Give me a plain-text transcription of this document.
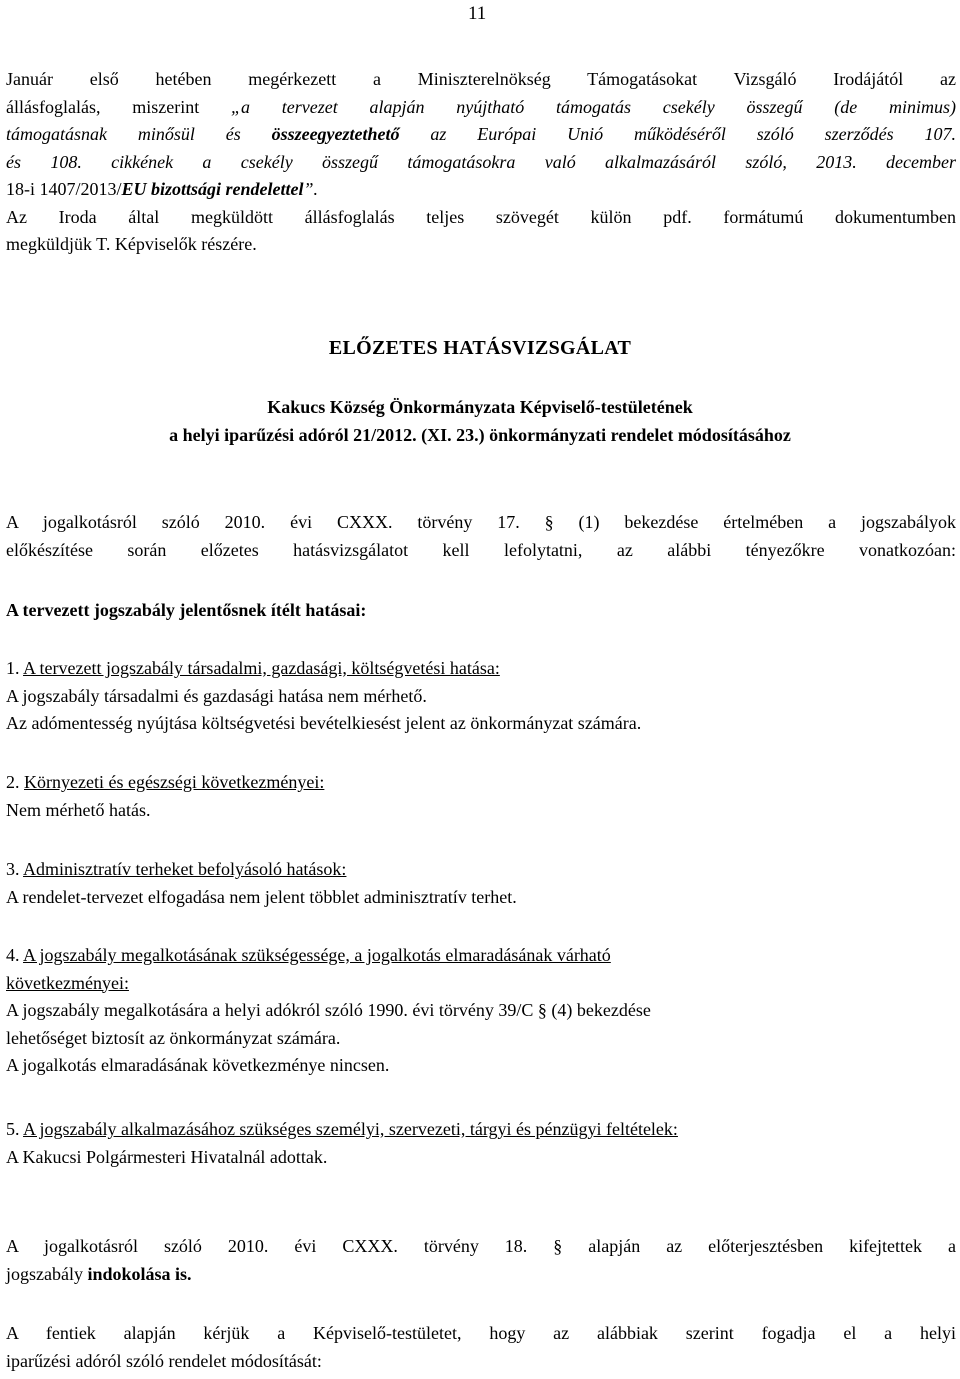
11
Január első hetében megérkezett a Miniszterelnökség Támogatásokat Vizsgáló Irodájától az
állásfoglalás, miszerint „a tervezet alapján nyújtható támogatás csekély összegű (de minimus)
támogatásnak minősül és összeegyeztethető az Európai Unió működéséről szóló szerződés 107.
és 108. cikkének a csekély összegű támogatásokra való alkalmazásáról szóló, 2013. december
18-i 1407/2013/EU bizottsági rendelettel”.
Az Iroda által megküldött állásfoglalás teljes szövegét külön pdf. formátumú dokumentumben
megküldjük T. Képviselők részére.
ELŐZETES HATÁSVIZSGÁLAT
Kakucs Község Önkormányzata Képviselő-testületének
a helyi iparűzési adóról 21/2012. (XI. 23.) önkormányzati rendelet módosításához
A jogalkotásról szóló 2010. évi CXXX. törvény 17. § (1) bekezdése értelmében a jogszabályok
előkészítése során előzetes hatásvizsgálatot kell lefolytatni, az alábbi tényezőkre vonatkozóan:
A tervezett jogszabály jelentősnek ítélt hatásai:
1. A tervezett jogszabály társadalmi, gazdasági, költségvetési hatása:
A jogszabály társadalmi és gazdasági hatása nem mérhető.
Az adómentesség nyújtása költségvetési bevételkiesést jelent az önkormányzat számára.
2. Környezeti és egészségi következményei:
Nem mérhető hatás.
3. Adminisztratív terheket befolyásoló hatások:
A rendelet-tervezet elfogadása nem jelent többlet adminisztratív terhet.
4. A jogszabály megalkotásának szükségessége, a jogalkotás elmaradásának várható
következményei:
A jogszabály megalkotására a helyi adókról szóló 1990. évi törvény 39/C § (4) bekezdése
lehetőséget biztosít az önkormányzat számára.
A jogalkotás elmaradásának következménye nincsen.
5. A jogszabály alkalmazásához szükséges személyi, szervezeti, tárgyi és pénzügyi feltételek:
A Kakucsi Polgármesteri Hivatalnál adottak.
A jogalkotásról szóló 2010. évi CXXX. törvény 18. § alapján az előterjesztésben kifejtettek a
jogszabály indokolása is.
A fentiek alapján kérjük a Képviselő-testületet, hogy az alábbiak szerint fogadja el a helyi
iparűzési adóról szóló rendelet módosítását:
